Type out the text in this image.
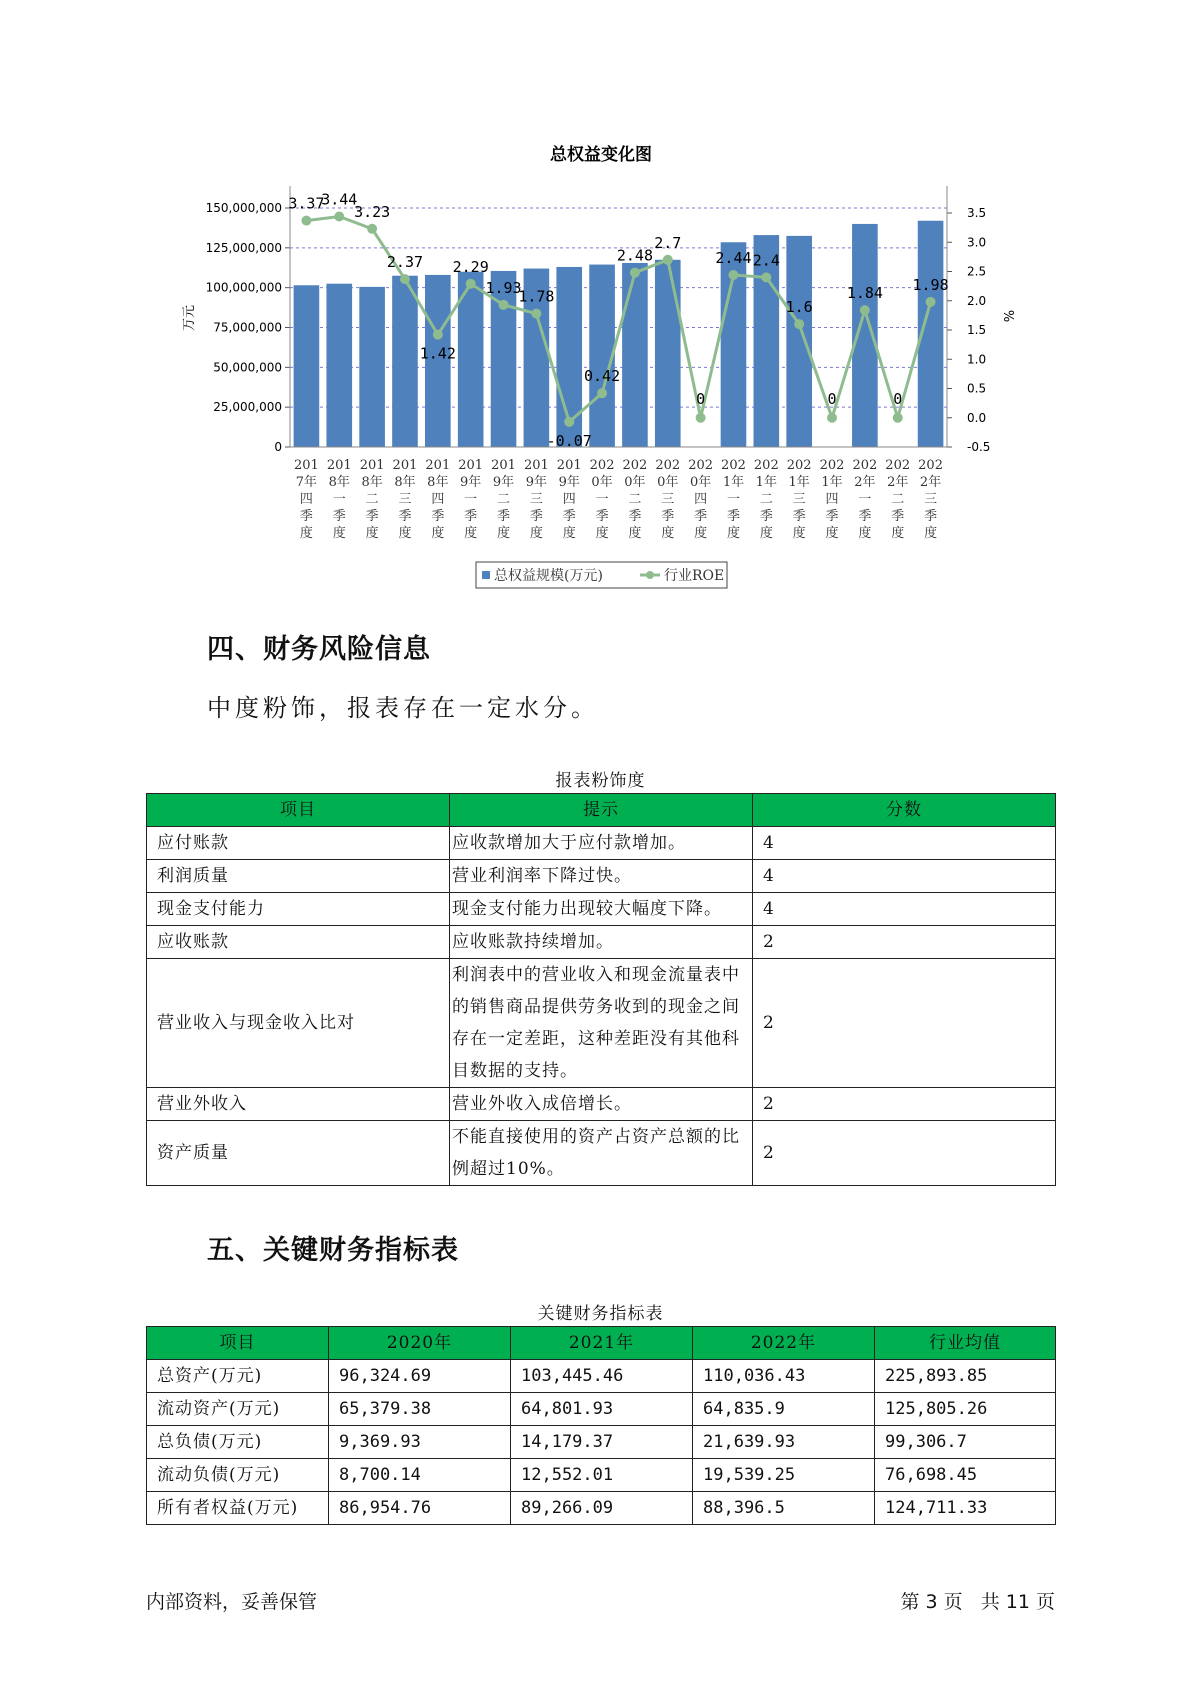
总权益变化图
150,000,000
125,000,000
100,000,000
75,000,000
50,000,000
25,000,000
0
3.5
3.0
2.5
2.0
1.5
1.0
0.5
0.0
-0.5
万元	%
3.37
3.44
3.23
2.37
1.42
2.29
1.93
1.78
-0.07
0.42
2.48
2.7
0
2.44 2.4
1.6
0
1.84
0
1.98
201
7年
四
季
度
201
8年
一
季
度
201
8年
二
季
度
201
8年
三
季
度
201
8年
四
季
度
201
9年
一
季
度
201
9年
二
季
度
201
9年
三
季
度
201
9年
四
季
度
202
0年
一
季
度
202
0年
二
季
度
202
0年
三
季
度
202
0年
四
季
度
202
1年
一
季
度
202
1年
二
季
度
202
1年
三
季
度
202
1年
四
季
度
202
2年
一
季
度
202
2年
二
季
度
202
2年
三
季
度
总权益规模(万元)	行业ROE
四、财务风险信息
中度粉饰，报表存在一定水分。
报表粉饰度
项目	提示	分数
应付账款	应收款增加大于应付款增加。	4
利润质量	营业利润率下降过快。	4
现金支付能力	现金支付能力出现较大幅度下降。	4
应收账款	应收账款持续增加。	2
营业收入与现金收入比对	利润表中的营业收入和现金流量表中的销售商品提供劳务收到的现金之间存在一定差距，这种差距没有其他科目数据的支持。	2
营业外收入	营业外收入成倍增长。	2
资产质量	不能直接使用的资产占资产总额的比例超过10%。	2
五、关键财务指标表
关键财务指标表
项目	2020年	2021年	2022年	行业均值
总资产(万元)	96,324.69	103,445.46	110,036.43	225,893.85
流动资产(万元)	65,379.38	64,801.93	64,835.9	125,805.26
总负债(万元)	9,369.93	14,179.37	21,639.93	99,306.7
流动负债(万元)	8,700.14	12,552.01	19,539.25	76,698.45
所有者权益(万元)	86,954.76	89,266.09	88,396.5	124,711.33
内部资料，妥善保管	第 3 页   共 11 页
